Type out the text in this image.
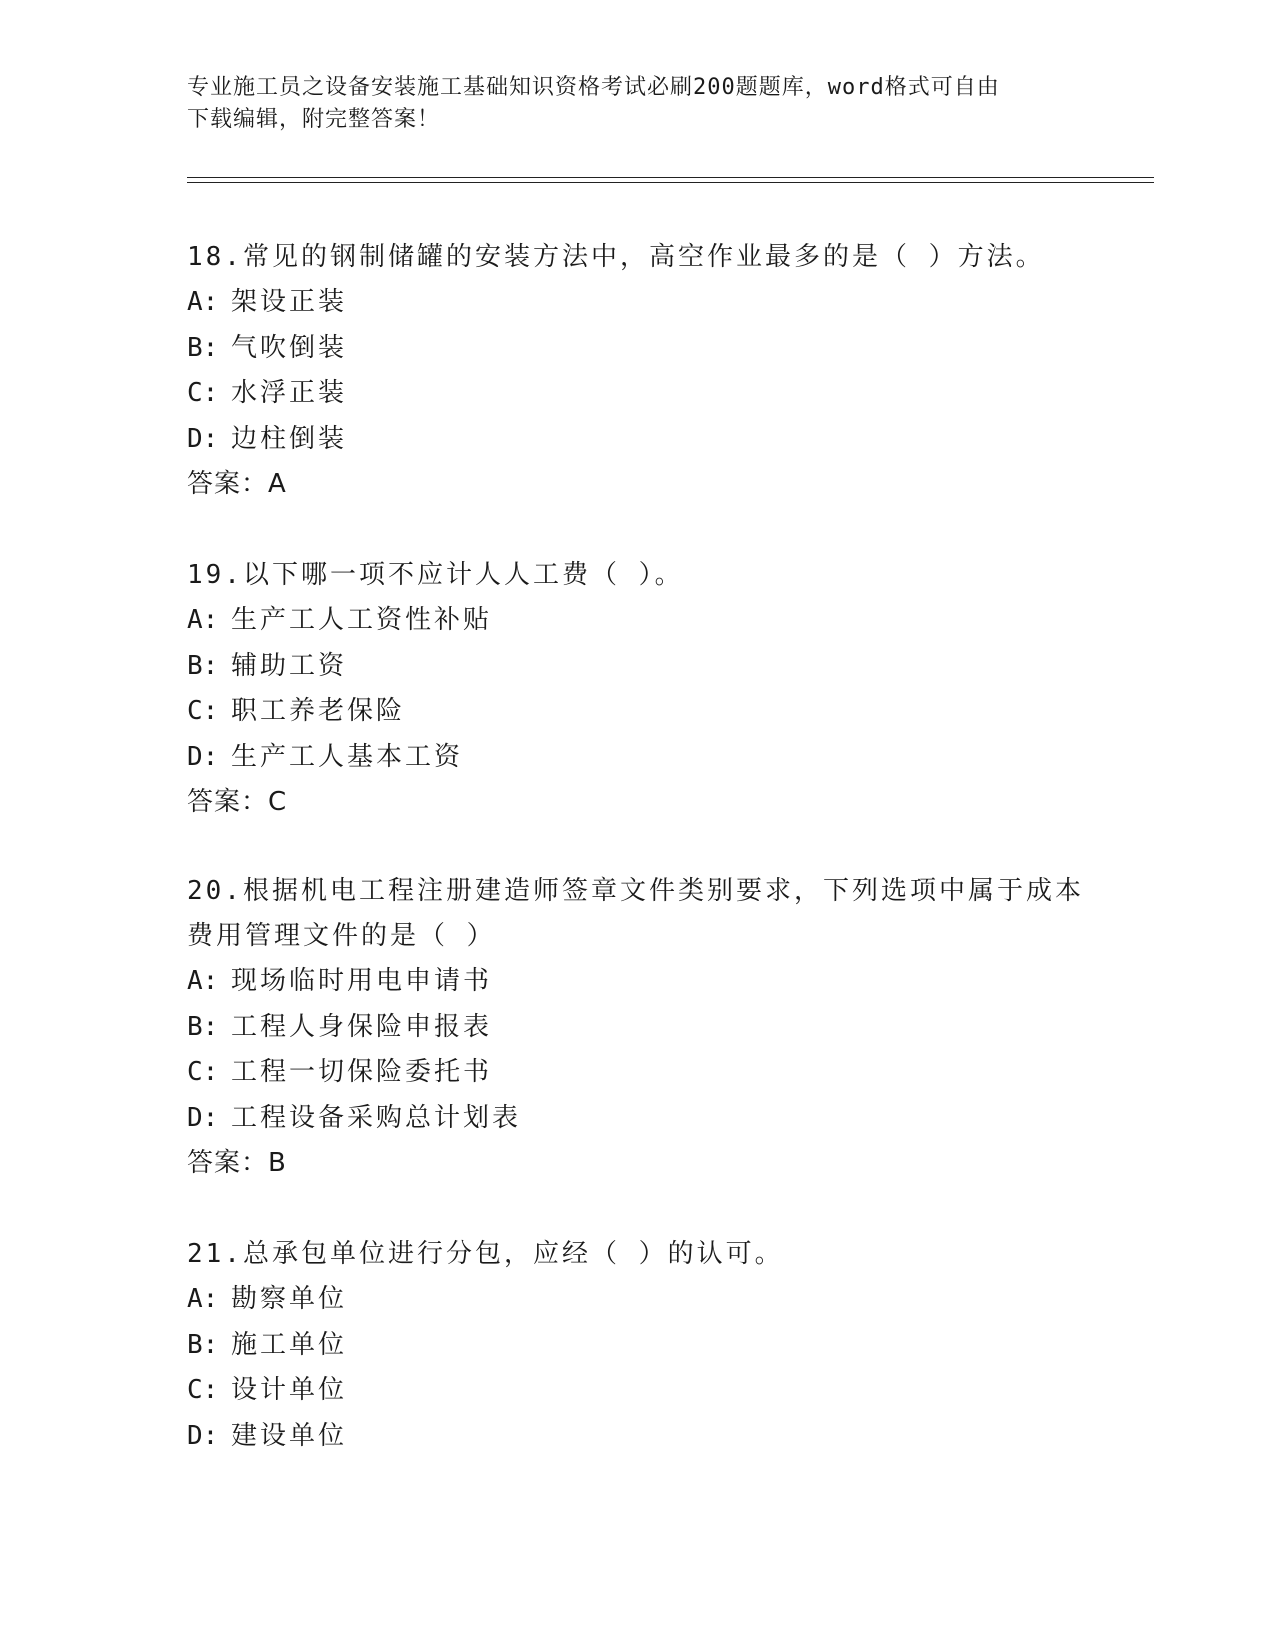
专业施工员之设备安装施工基础知识资格考试必刷200题题库，word格式可自由
下载编辑，附完整答案！

18.常见的钢制储罐的安装方法中，高空作业最多的是（ ）方法。

A: 架设正装

B: 气吹倒装

C: 水浮正装

D: 边柱倒装

答案：A

19.以下哪一项不应计人人工费（ ）。

A: 生产工人工资性补贴

B: 辅助工资

C: 职工养老保险

D: 生产工人基本工资

答案：C

20.根据机电工程注册建造师签章文件类别要求，下列选项中属于成本

费用管理文件的是（ ）

A: 现场临时用电申请书

B: 工程人身保险申报表

C: 工程一切保险委托书

D: 工程设备采购总计划表

答案：B

21.总承包单位进行分包，应经（ ）的认可。

A: 勘察单位

B: 施工单位

C: 设计单位

D: 建设单位
